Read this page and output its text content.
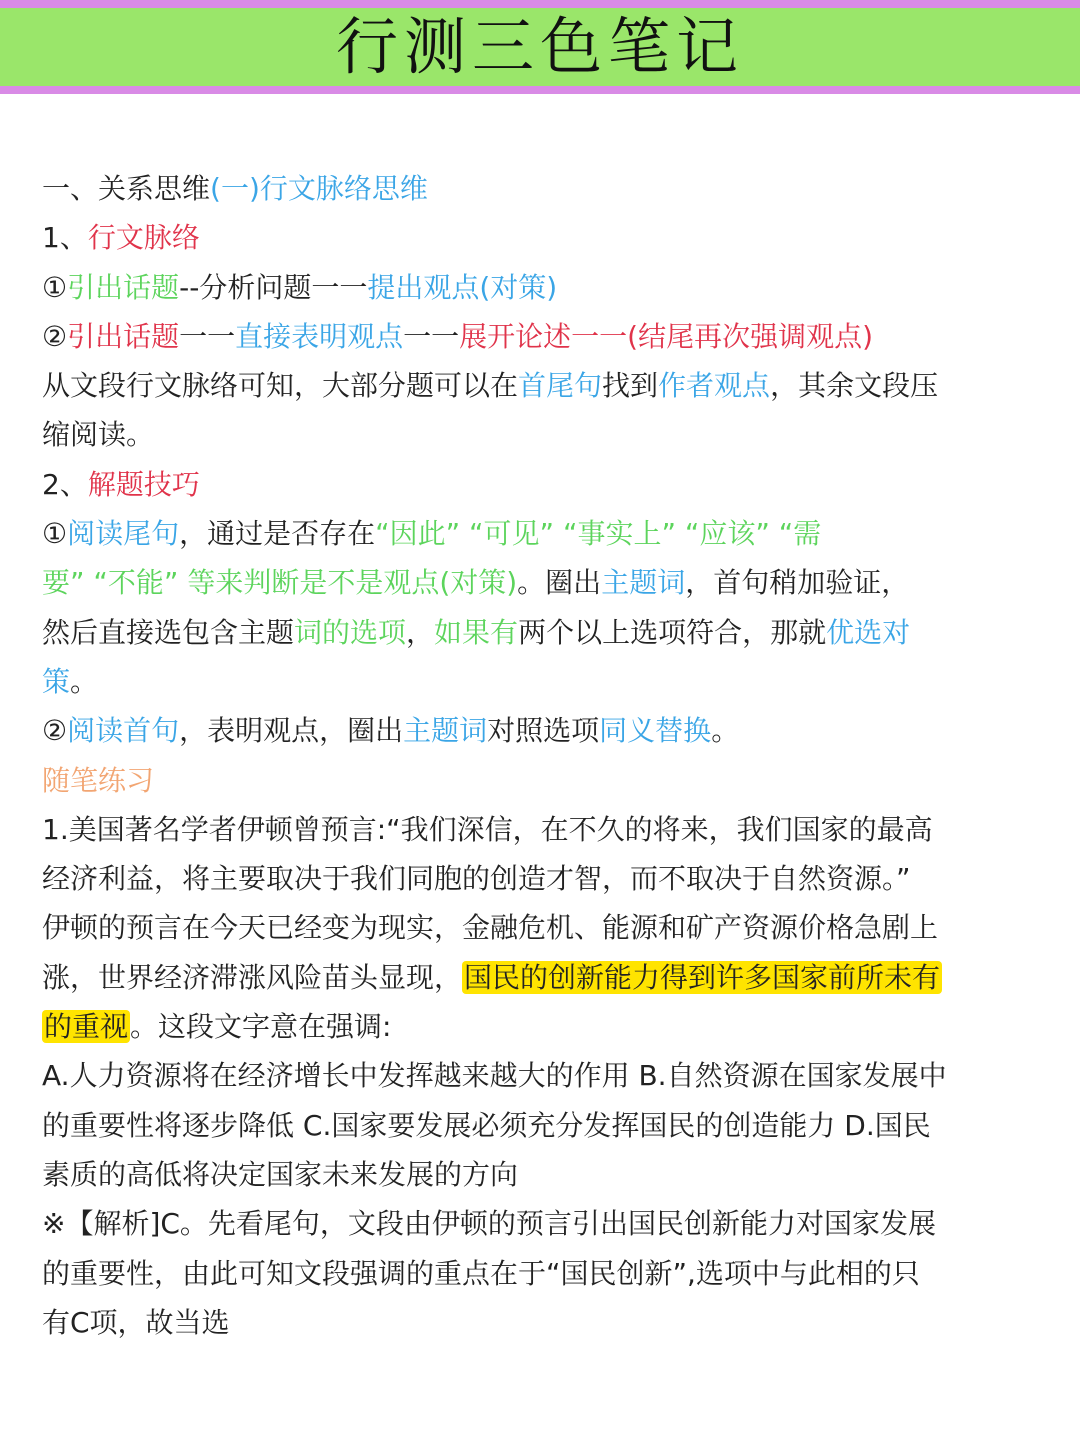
行测三色笔记
一、关系思维(一)行文脉络思维
1、行文脉络
①引出话题--分析问题一一提出观点(对策)
②引出话题一一直接表明观点一一展开论述一一(结尾再次强调观点)
从文段行文脉络可知，大部分题可以在首尾句找到作者观点，其余文段压
缩阅读。
2、解题技巧
①阅读尾句，通过是否存在“因此” “可见” “事实上” “应该” “需
要” “不能” 等来判断是不是观点(对策)。圈出主题词，首句稍加验证，
然后直接选包含主题词的选项，如果有两个以上选项符合，那就优选对
策。
②阅读首句，表明观点，圈出主题词对照选项同义替换。
随笔练习
1.美国著名学者伊顿曾预言:“我们深信，在不久的将来，我们国家的最高
经济利益，将主要取决于我们同胞的创造才智，而不取决于自然资源。”
伊顿的预言在今天已经变为现实，金融危机、能源和矿产资源价格急剧上
涨，世界经济滞涨风险苗头显现，国民的创新能力得到许多国家前所未有
的重视。这段文字意在强调:
A.人力资源将在经济增长中发挥越来越大的作用 B.自然资源在国家发展中
的重要性将逐步降低 C.国家要发展必须充分发挥国民的创造能力 D.国民
素质的高低将决定国家未来发展的方向
※【解析]C。先看尾句，文段由伊顿的预言引出国民创新能力对国家发展
的重要性，由此可知文段强调的重点在于“国民创新”,选项中与此相的只
有C项，故当选
